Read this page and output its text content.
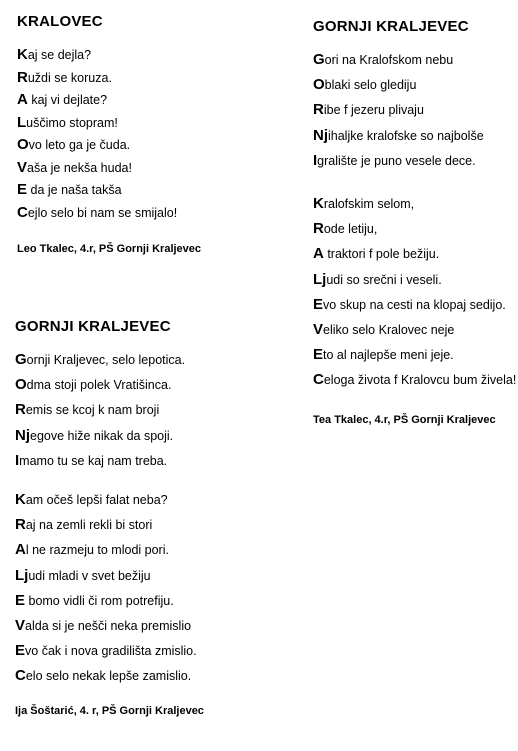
KRALOVEC
Kaj se dejla?
Ruždi se koruza.
A kaj vi dejlate?
Luščimo stopram!
Ovo leto ga je čuda.
Vaša je nekša huda!
E da je naša takša
Cejlo selo bi nam se smijalo!
Leo Tkalec, 4.r, PŠ Gornji Kraljevec
GORNJI KRALJEVEC
Gornji Kraljevec, selo lepotica.
Odma stoji polek Vratišinca.
Remis se kcoj k nam broji
Njegove hiže nikak da spoji.
Imamo tu se kaj nam treba.
Kam očeš lepši falat neba?
Raj na zemli rekli bi stori
Al ne razmeju to mlodi pori.
Ljudi mladi v svet bežiju
E bomo vidli či rom potrefiju.
Valda si je nešči neka premislio
Evo čak i nova gradilišta zmislio.
Celo selo nekak lepše zamislio.
Ija Šoštarić, 4. r, PŠ Gornji Kraljevec
GORNJI KRALJEVEC
Gori na Kralofskom nebu
Oblaki selo glediju
Ribe f jezeru plivaju
Njihaljke kralofske so najbolše
Igralište je puno vesele dece.
Kralofskim selom,
Rode letiju,
A traktori f pole bežiju.
Ljudi so srečni i veseli.
Evo skup na cesti na klopaj sedijo.
Veliko selo Kralovec neje
Eto al najlepše meni jeje.
Celoga života f Kralovcu bum živela!
Tea Tkalec, 4.r, PŠ Gornji Kraljevec
